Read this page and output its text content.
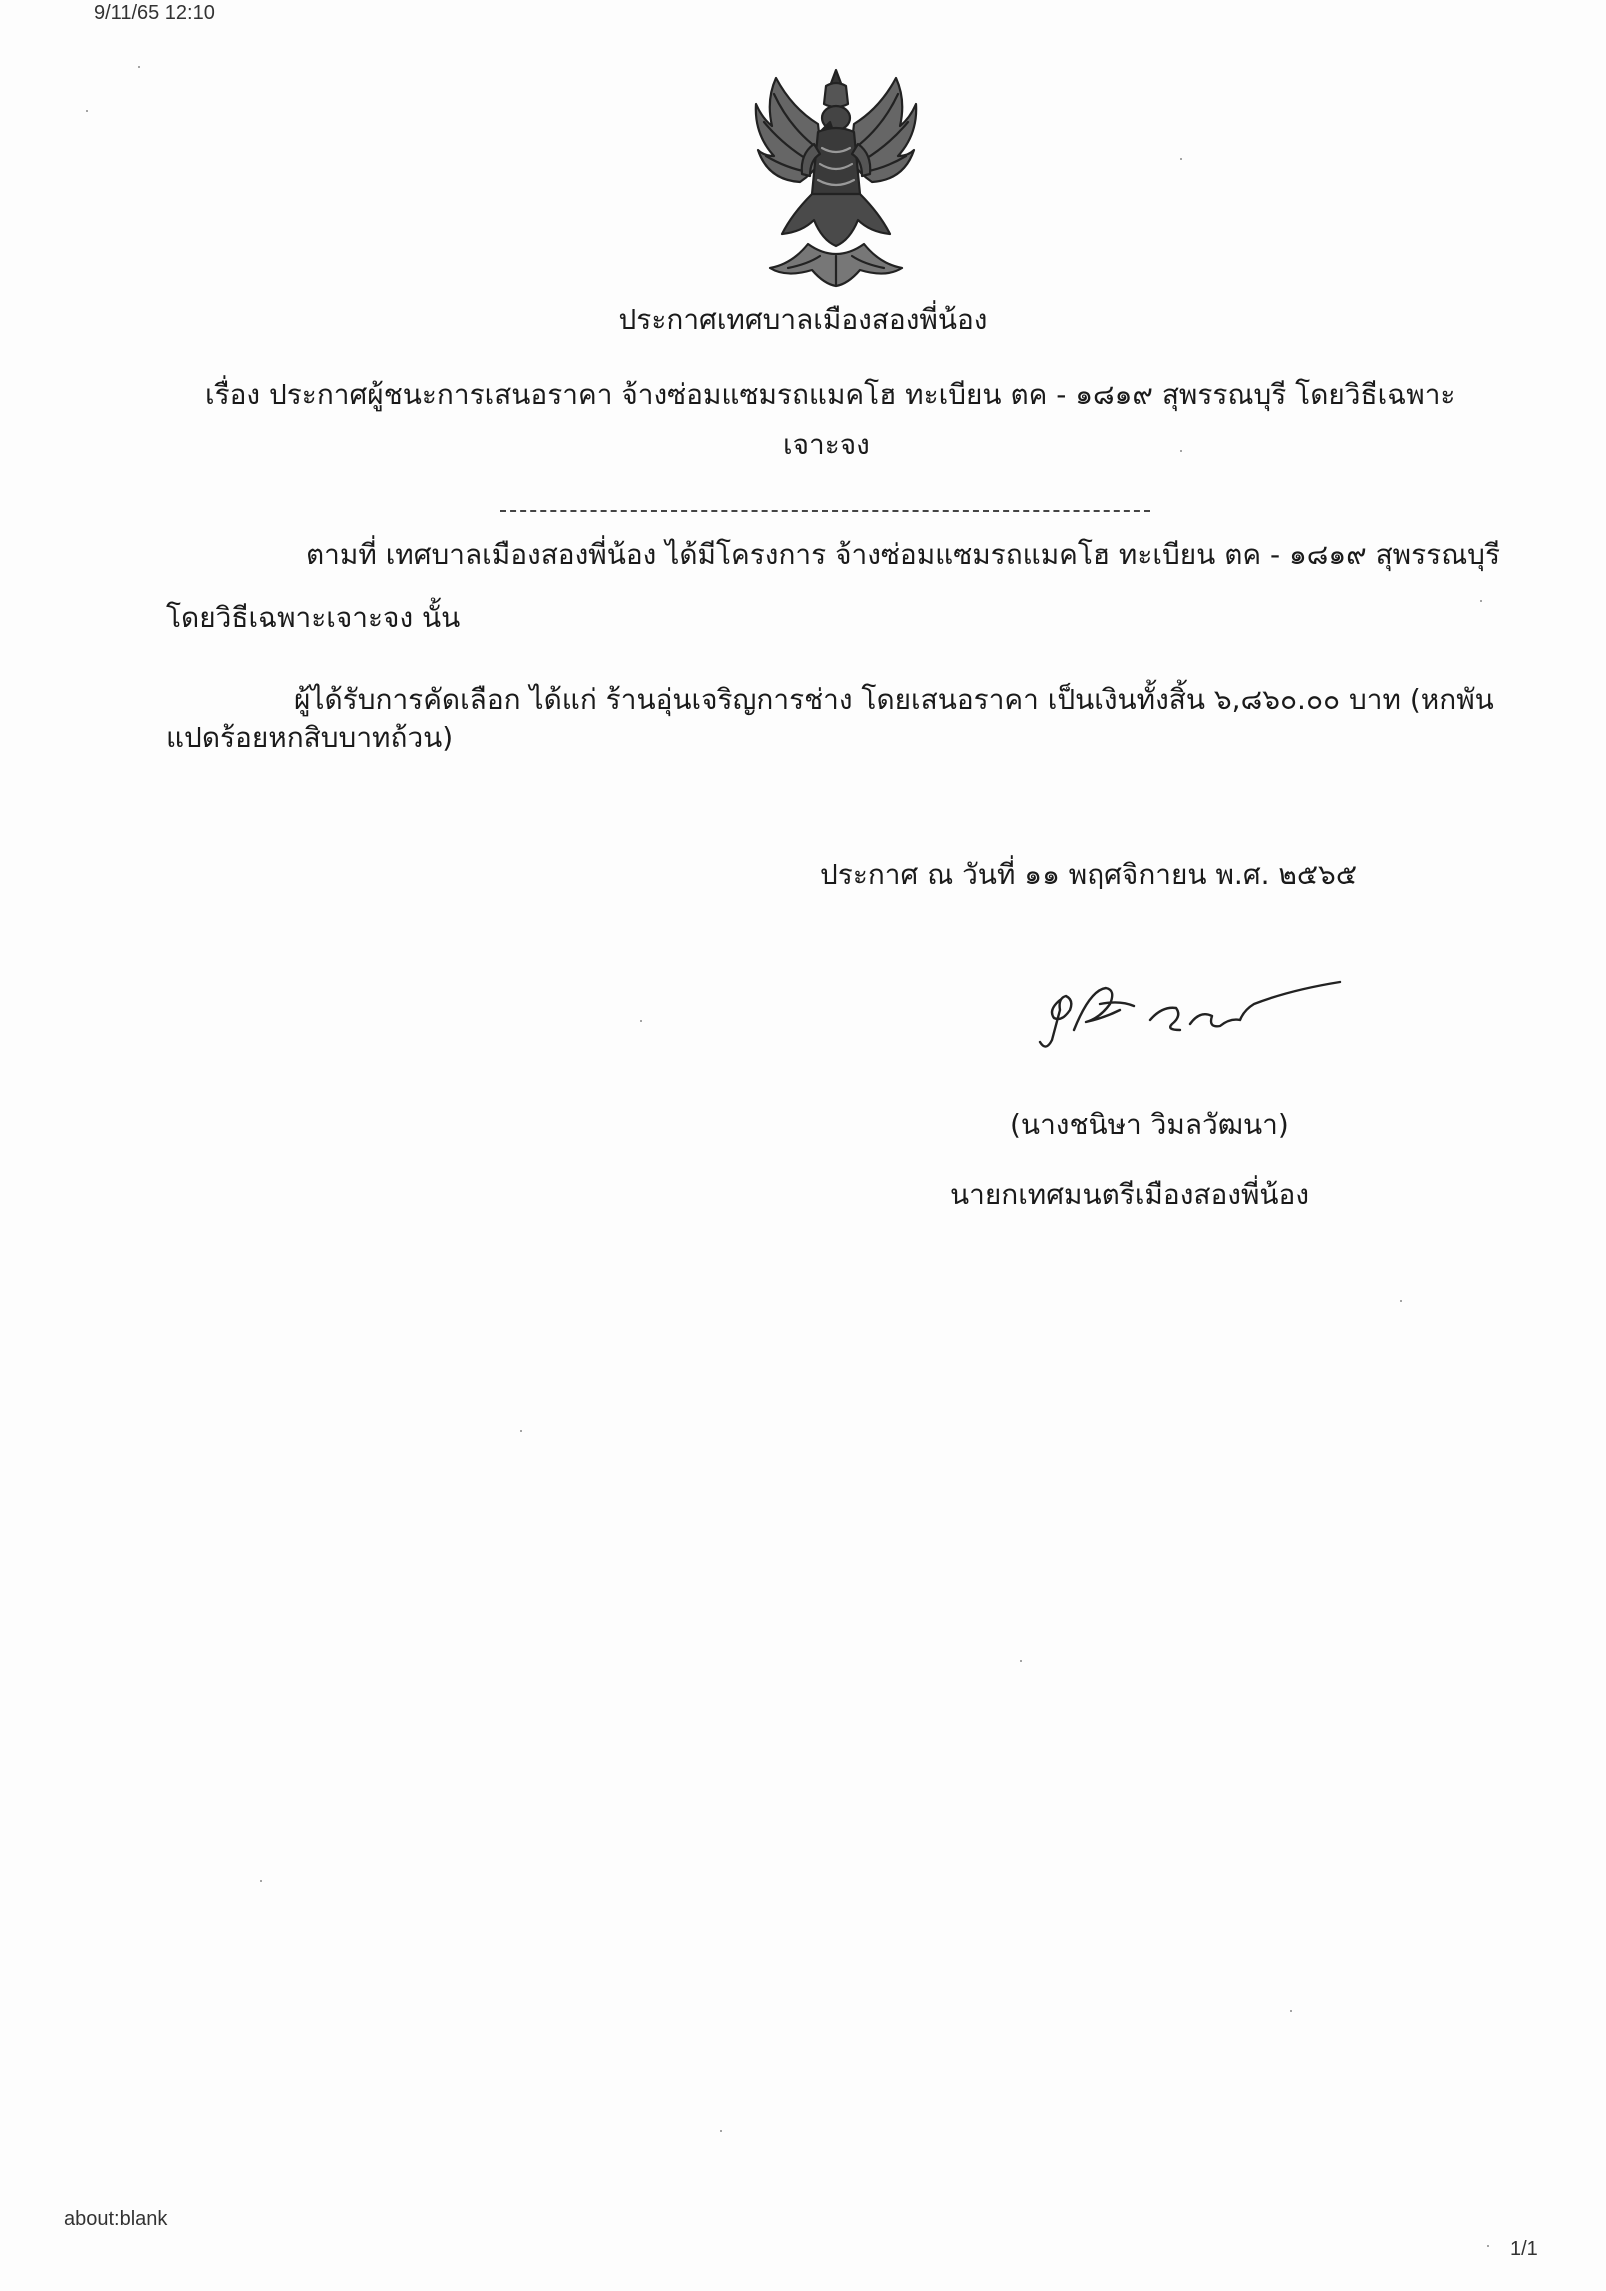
9/11/65 12:10
ประกาศเทศบาลเมืองสองพี่น้อง
เรื่อง ประกาศผู้ชนะการเสนอราคา จ้างซ่อมแซมรถแมคโฮ ทะเบียน ตค - ๑๘๑๙ สุพรรณบุรี โดยวิธีเฉพาะ
เจาะจง
ตามที่ เทศบาลเมืองสองพี่น้อง ได้มีโครงการ จ้างซ่อมแซมรถแมคโฮ ทะเบียน ตค - ๑๘๑๙ สุพรรณบุรี
โดยวิธีเฉพาะเจาะจง นั้น
ผู้ได้รับการคัดเลือก ได้แก่ ร้านอุ่นเจริญการช่าง โดยเสนอราคา เป็นเงินทั้งสิ้น ๖,๘๖๐.๐๐ บาท (หกพัน
แปดร้อยหกสิบบาทถ้วน)
ประกาศ ณ วันที่ ๑๑ พฤศจิกายน พ.ศ. ๒๕๖๕
(นางชนิษา วิมลวัฒนา)
นายกเทศมนตรีเมืองสองพี่น้อง
about:blank
1/1
